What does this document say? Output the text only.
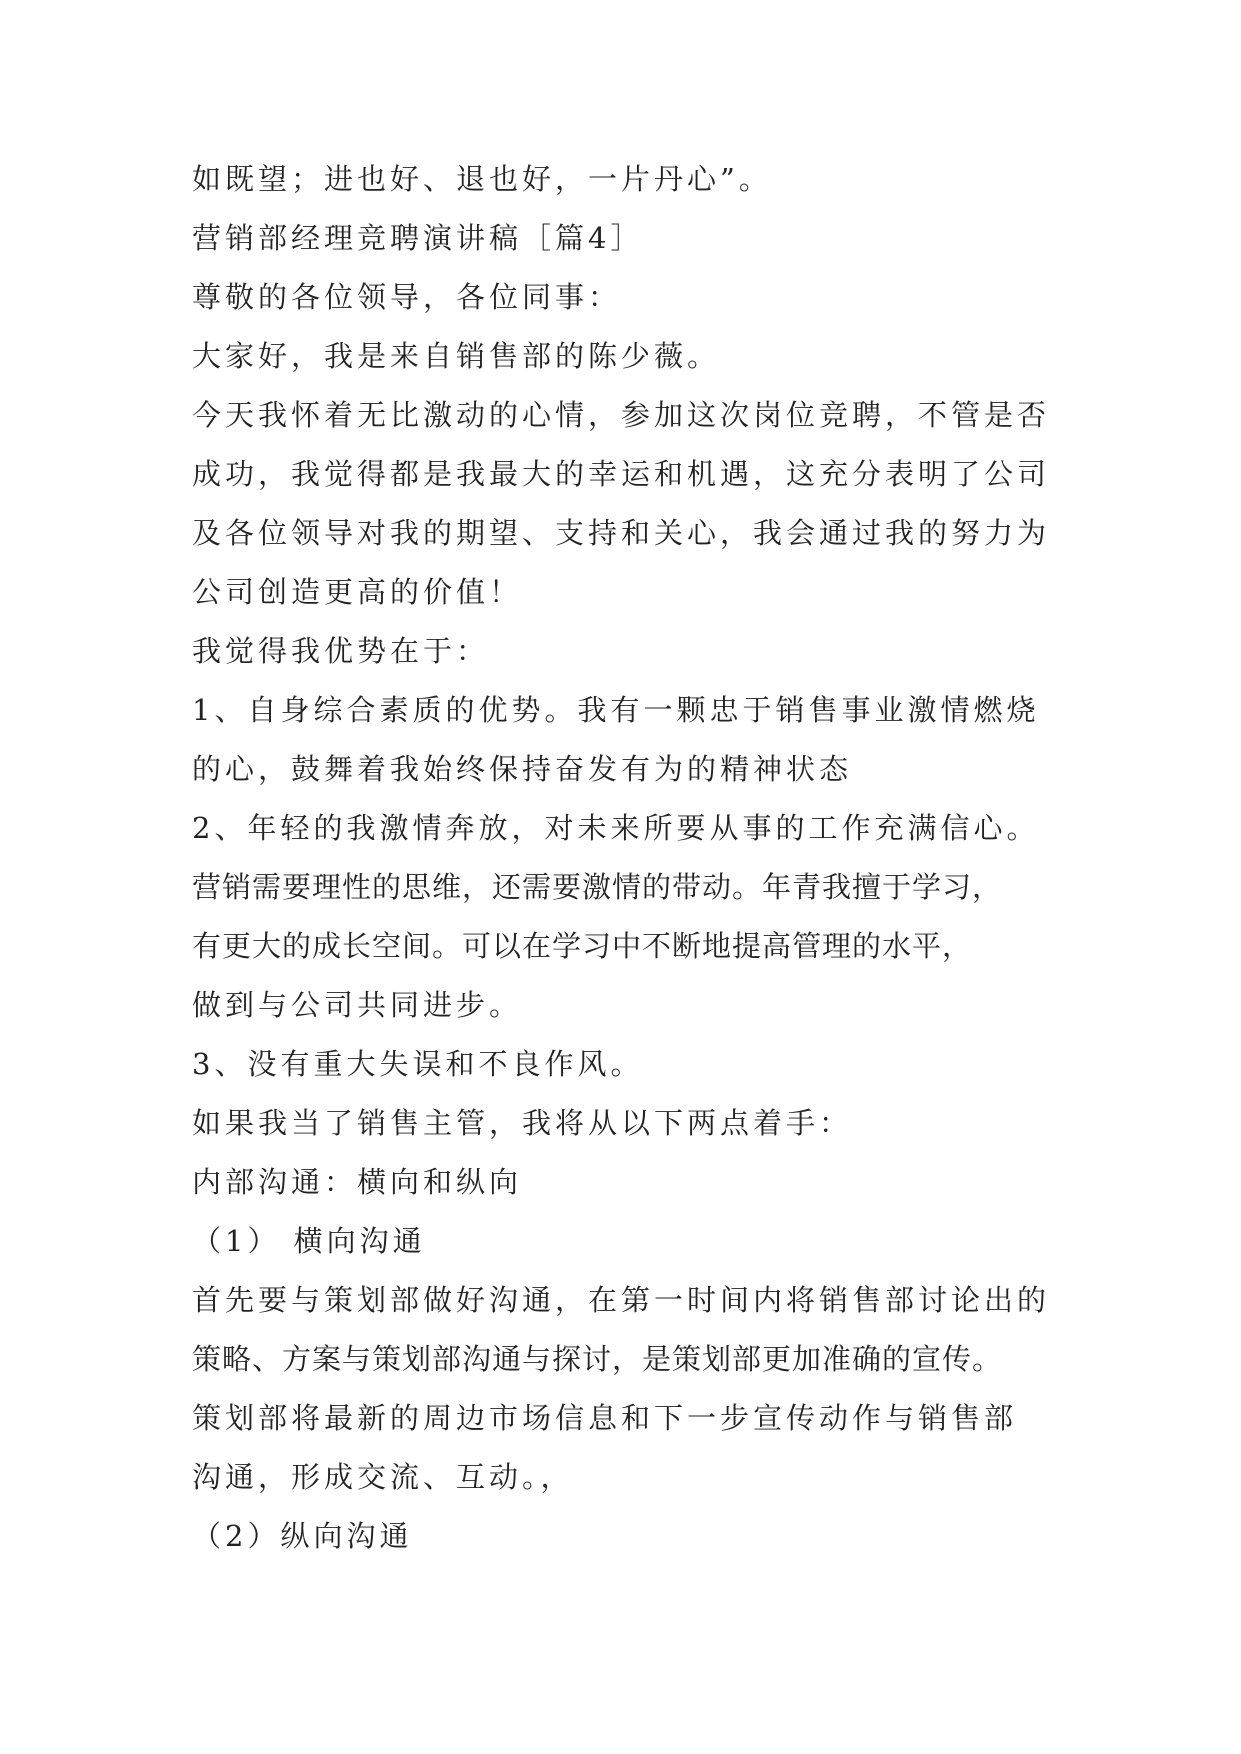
如既望；进也好、退也好，一片丹心”。
营销部经理竞聘演讲稿［篇4］
尊敬的各位领导，各位同事：
大家好，我是来自销售部的陈少薇。
今天我怀着无比激动的心情，参加这次岗位竞聘，不管是否
成功，我觉得都是我最大的幸运和机遇，这充分表明了公司
及各位领导对我的期望、支持和关心，我会通过我的努力为
公司创造更高的价值！
我觉得我优势在于：
1、自身综合素质的优势。我有一颗忠于销售事业激情燃烧
的心，鼓舞着我始终保持奋发有为的精神状态
2、年轻的我激情奔放，对未来所要从事的工作充满信心。
营销需要理性的思维，还需要激情的带动。年青我擅于学习，
有更大的成长空间。可以在学习中不断地提高管理的水平，
做到与公司共同进步。
3、没有重大失误和不良作风。
如果我当了销售主管，我将从以下两点着手：
内部沟通：横向和纵向
（1） 横向沟通
首先要与策划部做好沟通，在第一时间内将销售部讨论出的
策略、方案与策划部沟通与探讨，是策划部更加准确的宣传。
策划部将最新的周边市场信息和下一步宣传动作与销售部
沟通，形成交流、互动。，
（2）纵向沟通
